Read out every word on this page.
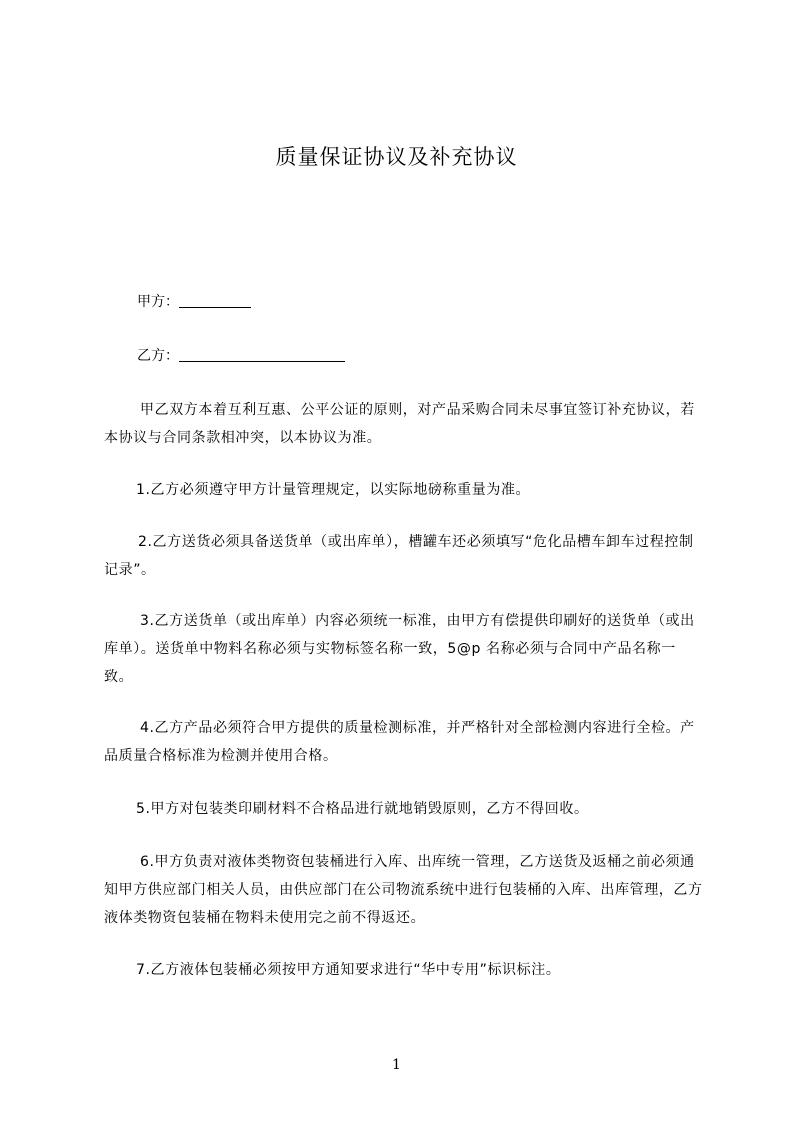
质量保证协议及补充协议
甲方：
乙方：
甲乙双方本着互利互惠、公平公证的原则，对产品采购合同未尽事宜签订补充协议，若本协议与合同条款相冲突，以本协议为准。
1.乙方必须遵守甲方计量管理规定，以实际地磅称重量为准。
2.乙方送货必须具备送货单（或出库单），槽罐车还必须填写“危化品槽车卸车过程控制记录”。
3.乙方送货单（或出库单）内容必须统一标准，由甲方有偿提供印刷好的送货单（或出库单）。送货单中物料名称必须与实物标签名称一致，5@p 名称必须与合同中产品名称一致。
4.乙方产品必须符合甲方提供的质量检测标准，并严格针对全部检测内容进行全检。产品质量合格标准为检测并使用合格。
5.甲方对包装类印刷材料不合格品进行就地销毁原则，乙方不得回收。
6.甲方负责对液体类物资包装桶进行入库、出库统一管理，乙方送货及返桶之前必须通知甲方供应部门相关人员，由供应部门在公司物流系统中进行包装桶的入库、出库管理，乙方液体类物资包装桶在物料未使用完之前不得返还。
7.乙方液体包装桶必须按甲方通知要求进行“华中专用”标识标注。
1
